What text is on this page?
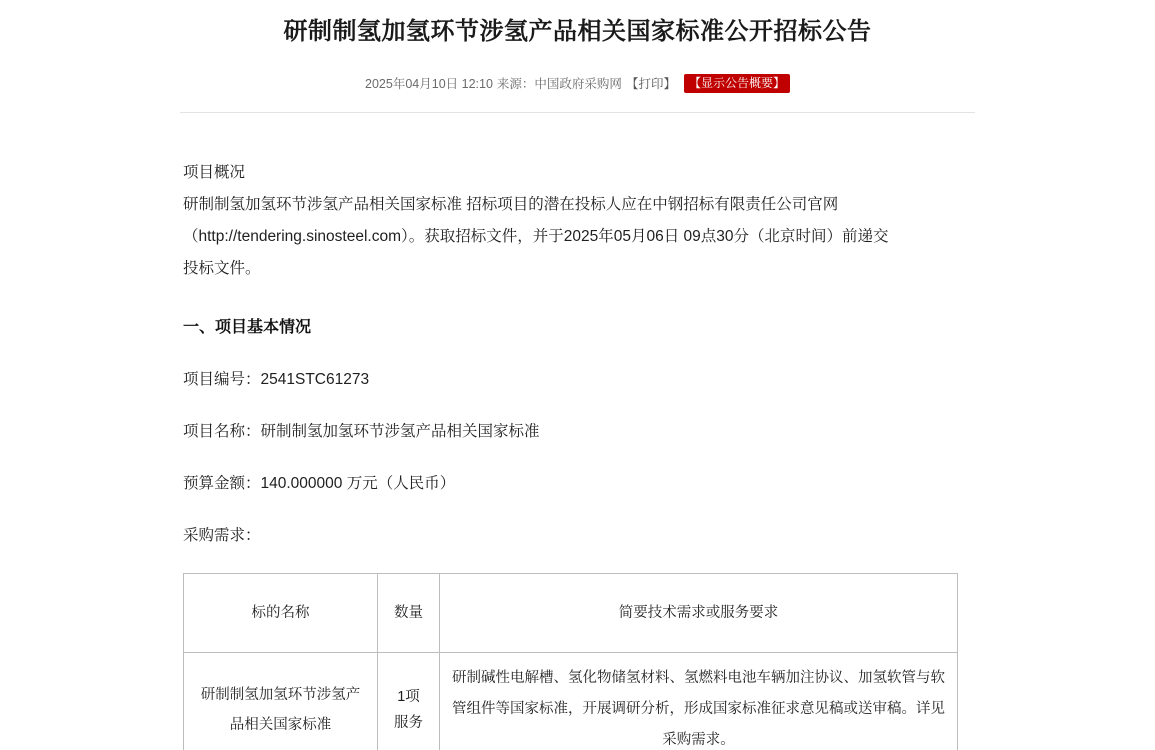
研制制氢加氢环节涉氢产品相关国家标准公开招标公告
2025年04月10日 12:10 来源：中国政府采购网 【打印】 【显示公告概要】

项目概况

研制制氢加氢环节涉氢产品相关国家标准 招标项目的潜在投标人应在中钢招标有限责任公司官网

（http://tendering.sinosteel.com）。获取招标文件，并于2025年05月06日 09点30分（北京时间）前递交

投标文件。

一、项目基本情况

项目编号：2541STC61273

项目名称：研制制氢加氢环节涉氢产品相关国家标准

预算金额：140.000000 万元（人民币）

采购需求：

标的名称	数量	简要技术需求或服务要求
研制制氢加氢环节涉氢产品相关国家标准	1项服务	研制碱性电解槽、氢化物储氢材料、氢燃料电池车辆加注协议、加氢软管与软管组件等国家标准，开展调研分析，形成国家标准征求意见稿或送审稿。详见采购需求。
